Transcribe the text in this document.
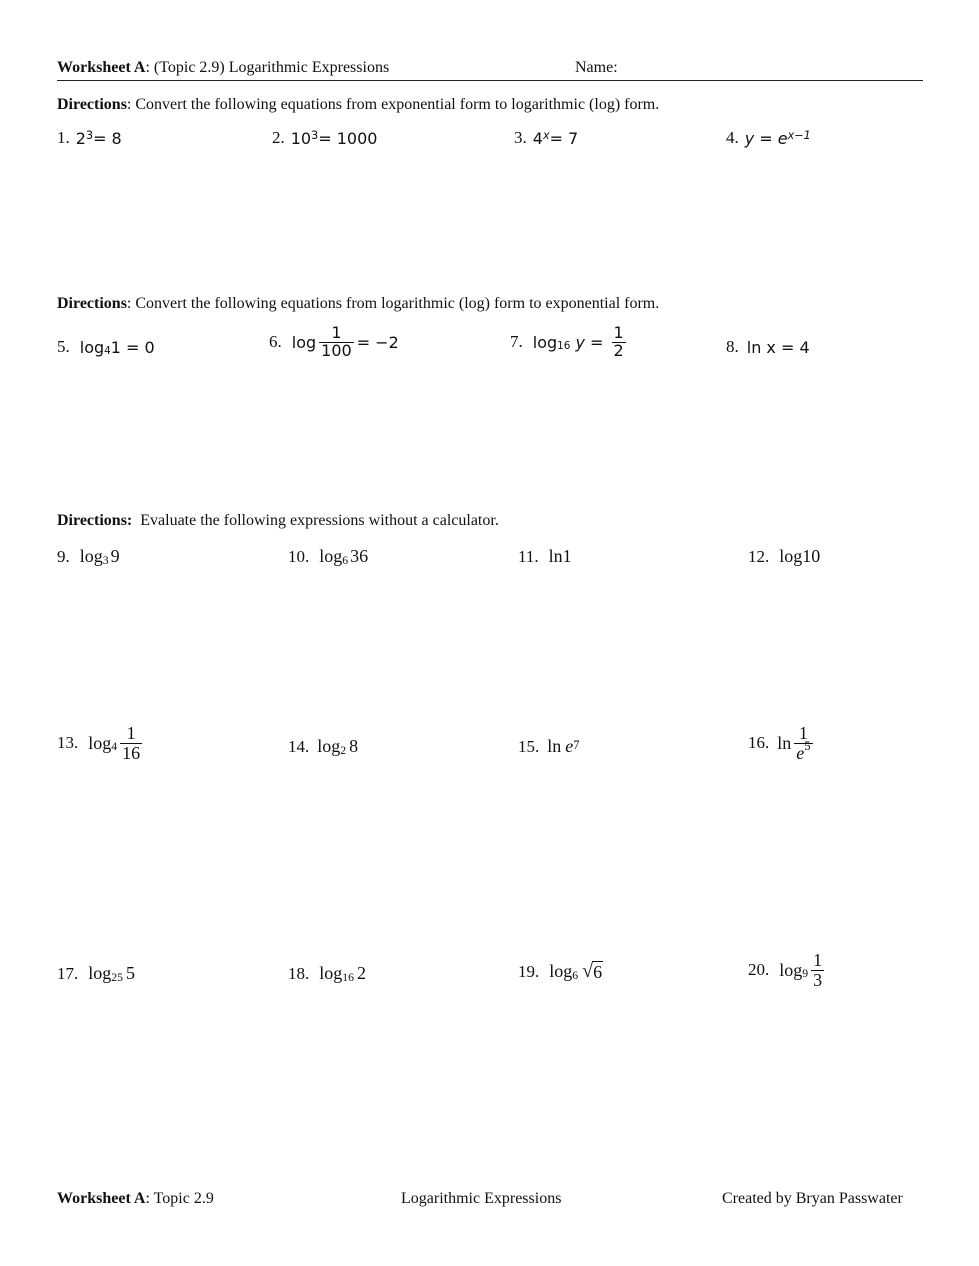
Worksheet A: (Topic 2.9) Logarithmic Expressions	Name:
Directions: Convert the following equations from exponential form to logarithmic (log) form.
1. $2^3 = 8$	2. $10^3 = 1000$	3. $4^x = 7$	4. $y = e^{x-1}$
Directions: Convert the following equations from logarithmic (log) form to exponential form.
5. $\log_4 1 = 0$	6. $\log \frac{1}{100} = -2$	7. $\log_{16} y = \frac{1}{2}$	8. ln x = 4
Directions:  Evaluate the following expressions without a calculator.
9. $\log_3 9$	10. $\log_6 36$	11. ln1	12. log10
13. $\log_4 \frac{1}{16}$	14. $\log_2 8$	15. $\ln e^7$	16. $\ln \frac{1}{e^5}$
17. $\log_{25} 5$	18. $\log_{16} 2$	19. $\log_6$ √ 6	20. $\log_9 \frac{1}{3}$
Worksheet A: Topic 2.9	Logarithmic Expressions	Created by Bryan Passwater
